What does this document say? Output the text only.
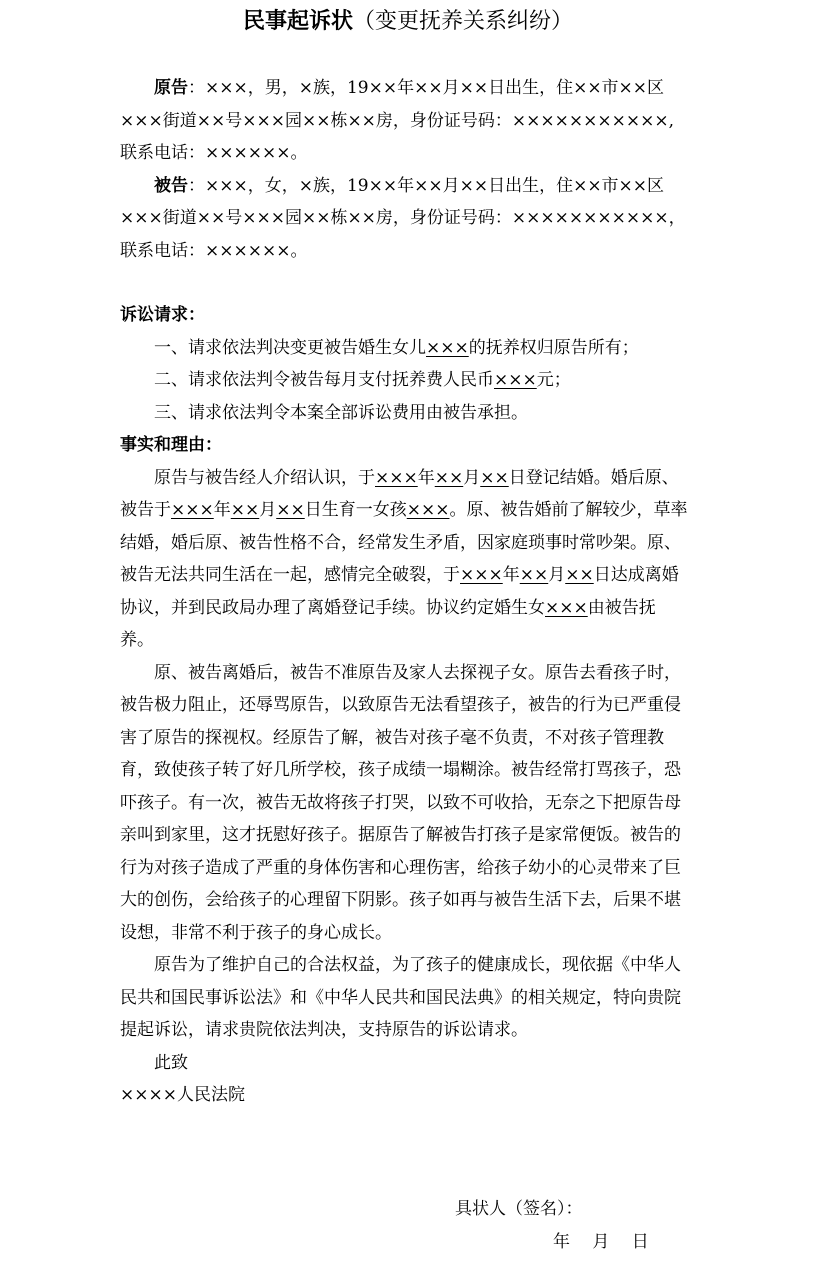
民事起诉状（变更抚养关系纠纷）

原告：×××，男，×族，19××年××月××日出生，住××市××区×××街道××号×××园××栋××房，身份证号码：×××××××××××,联系电话：××××××。

被告：×××，女，×族，19××年××月××日出生，住××市××区×××街道××号×××园××栋××房，身份证号码：×××××××××××，联系电话：××××××。

诉讼请求：

一、请求依法判决变更被告婚生女儿×××的抚养权归原告所有；

二、请求依法判令被告每月支付抚养费人民币×××元；

三、请求依法判令本案全部诉讼费用由被告承担。

事实和理由：

原告与被告经人介绍认识，于×××年××月××日登记结婚。婚后原、被告于×××年××月××日生育一女孩×××。原、被告婚前了解较少，草率结婚，婚后原、被告性格不合，经常发生矛盾，因家庭琐事时常吵架。原、被告无法共同生活在一起，感情完全破裂，于×××年××月××日达成离婚协议，并到民政局办理了离婚登记手续。协议约定婚生女×××由被告抚养。

原、被告离婚后，被告不准原告及家人去探视子女。原告去看孩子时，被告极力阻止，还辱骂原告，以致原告无法看望孩子，被告的行为已严重侵害了原告的探视权。经原告了解，被告对孩子毫不负责，不对孩子管理教育，致使孩子转了好几所学校，孩子成绩一塌糊涂。被告经常打骂孩子，恐吓孩子。有一次，被告无故将孩子打哭，以致不可收拾，无奈之下把原告母亲叫到家里，这才抚慰好孩子。据原告了解被告打孩子是家常便饭。被告的行为对孩子造成了严重的身体伤害和心理伤害，给孩子幼小的心灵带来了巨大的创伤，会给孩子的心理留下阴影。孩子如再与被告生活下去，后果不堪设想，非常不利于孩子的身心成长。

原告为了维护自己的合法权益，为了孩子的健康成长，现依据《中华人民共和国民事诉讼法》和《中华人民共和国民法典》的相关规定，特向贵院提起诉讼，请求贵院依法判决，支持原告的诉讼请求。

此致

××××人民法院

具状人（签名）：
年　 月　 日
